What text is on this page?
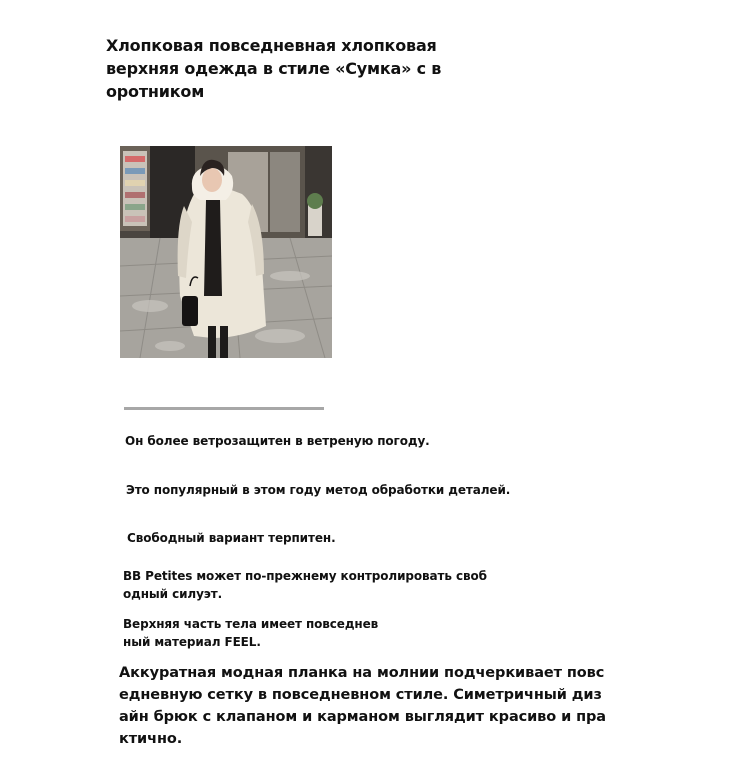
Хлопковая повседневная хлопковая
верхняя одежда в стиле «Сумка» с в
оротником
Он более ветрозащитен в ветреную погоду.
Это популярный в этом году метод обработки деталей.
Свободный вариант терпитен.
BB Petites может по-прежнему контролировать своб
одный силуэт.
Верхняя часть тела имеет повседнев
ный материал FEEL.
Аккуратная модная планка на молнии подчеркивает повс
едневную сетку в повседневном стиле. Симетричный диз
айн брюк с клапаном и карманом выглядит красиво и пра
ктично.
